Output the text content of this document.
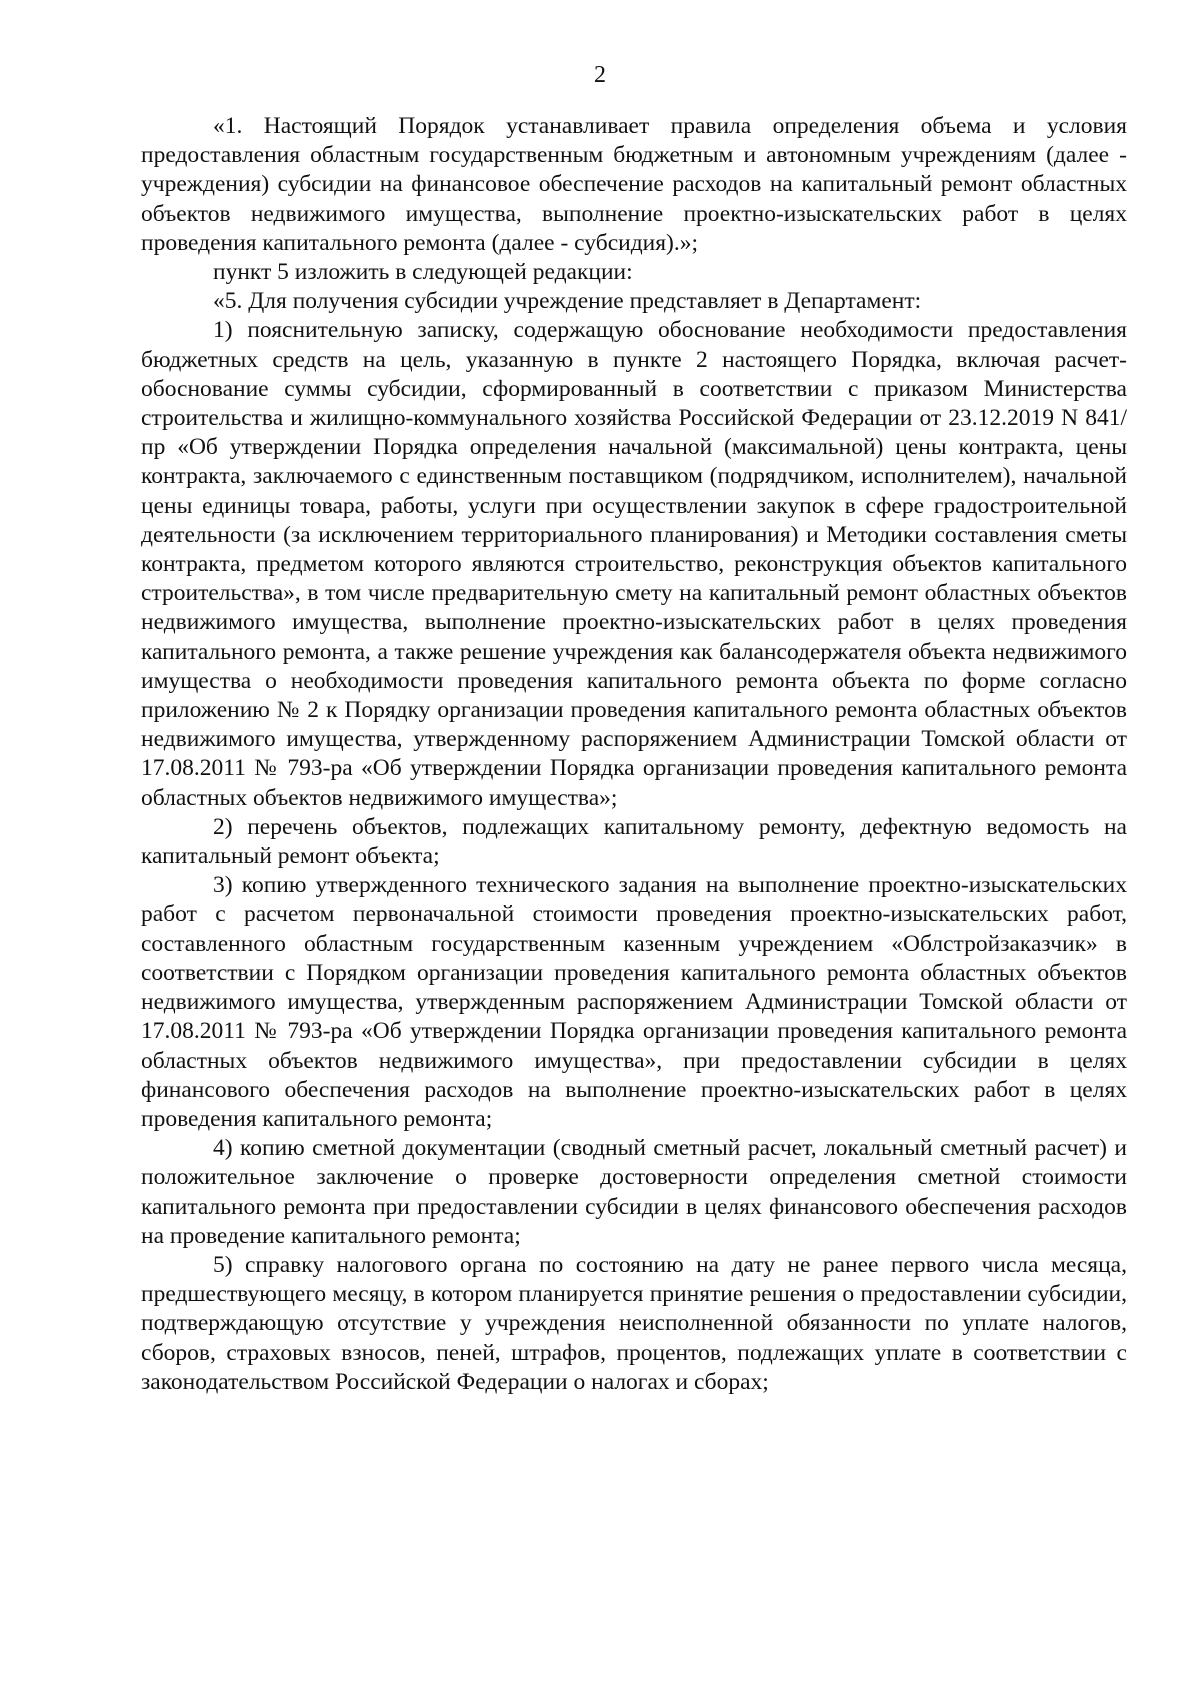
2

«1. Настоящий Порядок устанавливает правила определения объема и условия предоставления областным государственным бюджетным и автономным учреждениям (далее - учреждения) субсидии на финансовое обеспечение расходов на капитальный ремонт областных объектов недвижимого имущества, выполнение проектно-изыскательских работ в целях проведения капитального ремонта (далее - субсидия).»;

пункт 5 изложить в следующей редакции:

«5. Для получения субсидии учреждение представляет в Департамент:

1) пояснительную записку, содержащую обоснование необходимости предоставления бюджетных средств на цель, указанную в пункте 2 настоящего Порядка, включая расчет-обоснование суммы субсидии, сформированный в соответствии с приказом Министерства строительства и жилищно-коммунального хозяйства Российской Федерации от 23.12.2019 N 841/пр «Об утверждении Порядка определения начальной (максимальной) цены контракта, цены контракта, заключаемого с единственным поставщиком (подрядчиком, исполнителем), начальной цены единицы товара, работы, услуги при осуществлении закупок в сфере градостроительной деятельности (за исключением территориального планирования) и Методики составления сметы контракта, предметом которого являются строительство, реконструкция объектов капитального строительства», в том числе предварительную смету на капитальный ремонт областных объектов недвижимого имущества, выполнение проектно-изыскательских работ в целях проведения капитального ремонта, а также решение учреждения как балансодержателя объекта недвижимого имущества о необходимости проведения капитального ремонта объекта по форме согласно приложению № 2 к Порядку организации проведения капитального ремонта областных объектов недвижимого имущества, утвержденному распоряжением Администрации Томской области от 17.08.2011 № 793-ра «Об утверждении Порядка организации проведения капитального ремонта областных объектов недвижимого имущества»;

2) перечень объектов, подлежащих капитальному ремонту, дефектную ведомость на капитальный ремонт объекта;

3) копию утвержденного технического задания на выполнение проектно-изыскательских работ с расчетом первоначальной стоимости проведения проектно-изыскательских работ, составленного областным государственным казенным учреждением «Облстройзаказчик» в соответствии с Порядком организации проведения капитального ремонта областных объектов недвижимого имущества, утвержденным распоряжением Администрации Томской области от 17.08.2011 № 793-ра «Об утверждении Порядка организации проведения капитального ремонта областных объектов недвижимого имущества», при предоставлении субсидии в целях финансового обеспечения расходов на выполнение проектно-изыскательских работ в целях проведения капитального ремонта;

4) копию сметной документации (сводный сметный расчет, локальный сметный расчет) и положительное заключение о проверке достоверности определения сметной стоимости капитального ремонта при предоставлении субсидии в целях финансового обеспечения расходов на проведение капитального ремонта;

5) справку налогового органа по состоянию на дату не ранее первого числа месяца, предшествующего месяцу, в котором планируется принятие решения о предоставлении субсидии, подтверждающую отсутствие у учреждения неисполненной обязанности по уплате налогов, сборов, страховых взносов, пеней, штрафов, процентов, подлежащих уплате в соответствии с законодательством Российской Федерации о налогах и сборах;
